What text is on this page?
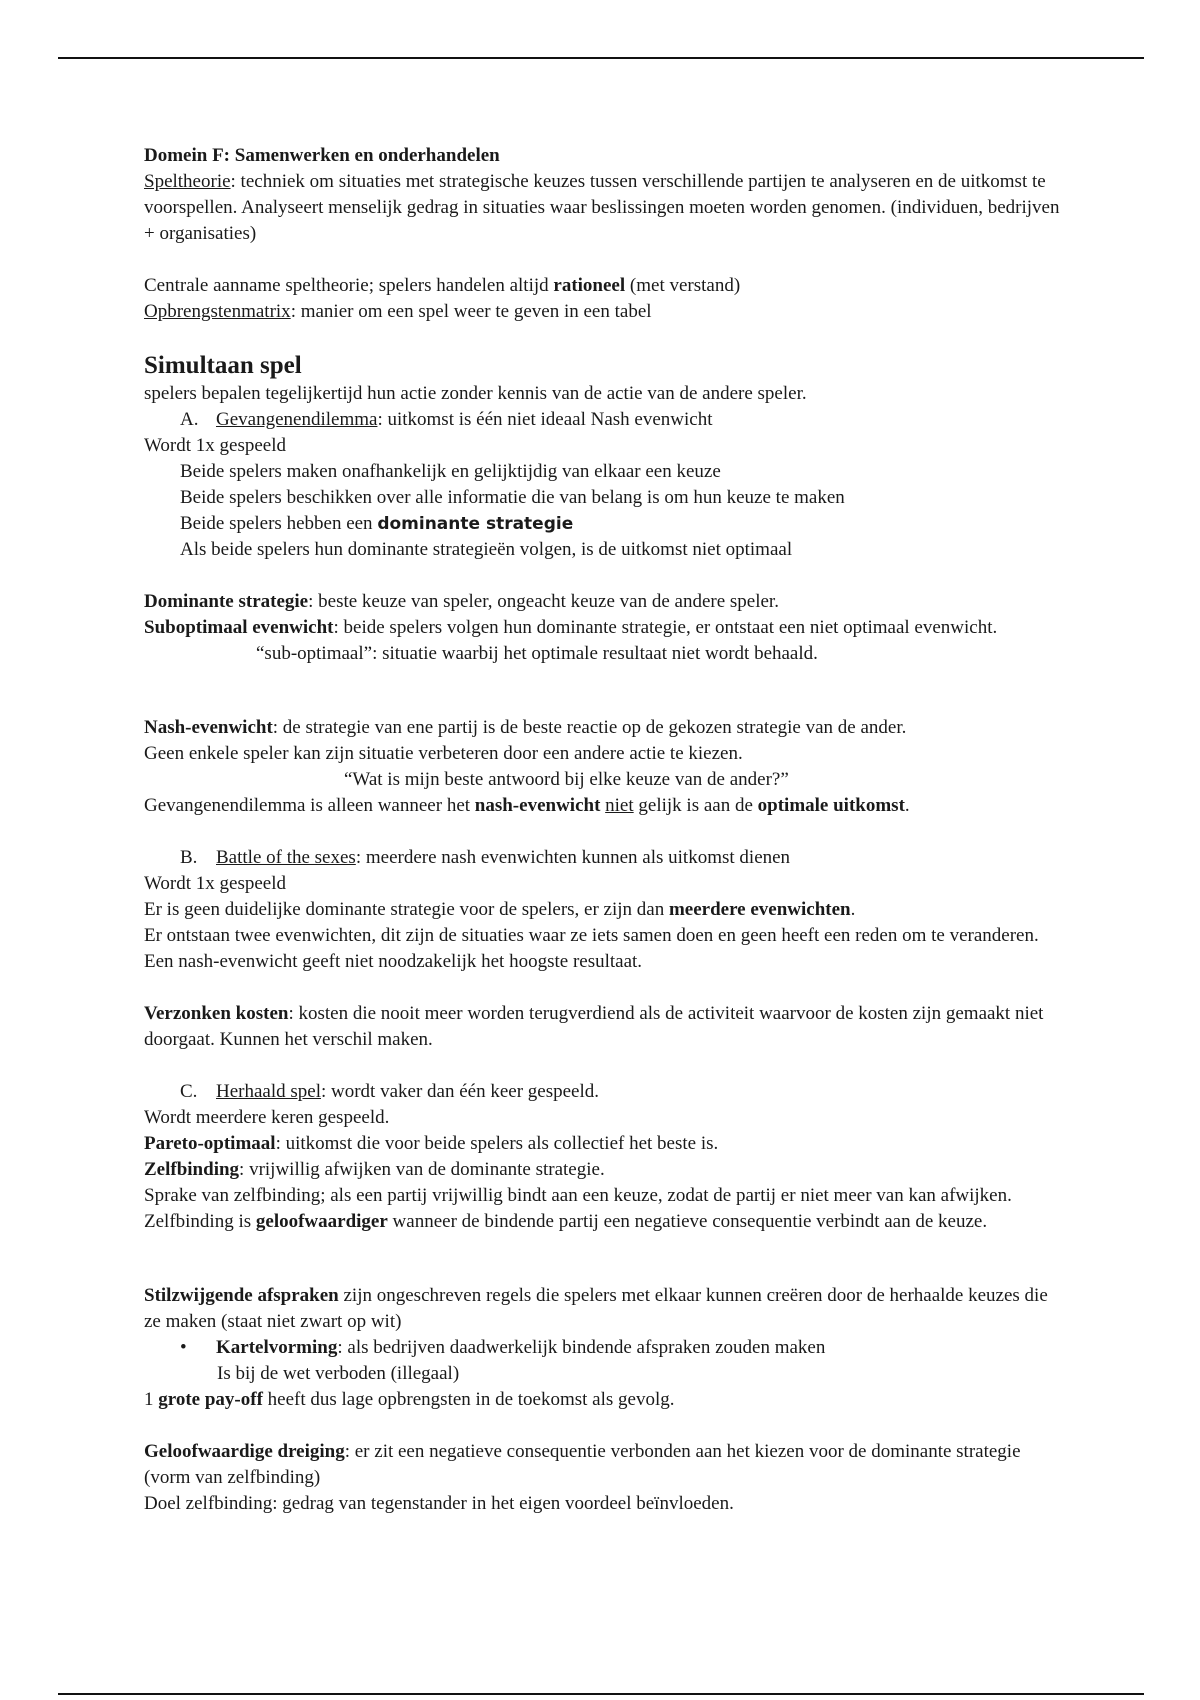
Domein F: Samenwerken en onderhandelen

Speltheorie: techniek om situaties met strategische keuzes tussen verschillende partijen te analyseren en de uitkomst te voorspellen. Analyseert menselijk gedrag in situaties waar beslissingen moeten worden genomen. (individuen, bedrijven + organisaties)

Centrale aanname speltheorie; spelers handelen altijd rationeel (met verstand)

Opbrengstenmatrix: manier om een spel weer te geven in een tabel

Simultaan spel

spelers bepalen tegelijkertijd hun actie zonder kennis van de actie van de andere speler.

A. Gevangenendilemma: uitkomst is één niet ideaal Nash evenwicht

Wordt 1x gespeeld

Beide spelers maken onafhankelijk en gelijktijdig van elkaar een keuze

Beide spelers beschikken over alle informatie die van belang is om hun keuze te maken

Beide spelers hebben een dominante strategie

Als beide spelers hun dominante strategieën volgen, is de uitkomst niet optimaal

Dominante strategie: beste keuze van speler, ongeacht keuze van de andere speler.

Suboptimaal evenwicht: beide spelers volgen hun dominante strategie, er ontstaat een niet optimaal evenwicht.“sub-optimaal”: situatie waarbij het optimale resultaat niet wordt behaald.

Nash-evenwicht: de strategie van ene partij is de beste reactie op de gekozen strategie van de ander.

Geen enkele speler kan zijn situatie verbeteren door een andere actie te kiezen.

“Wat is mijn beste antwoord bij elke keuze van de ander?”

Gevangenendilemma is alleen wanneer het nash-evenwicht niet gelijk is aan de optimale uitkomst.

B. Battle of the sexes: meerdere nash evenwichten kunnen als uitkomst dienen

Wordt 1x gespeeld

Er is geen duidelijke dominante strategie voor de spelers, er zijn dan meerdere evenwichten.

Er ontstaan twee evenwichten, dit zijn de situaties waar ze iets samen doen en geen heeft een reden om te veranderen. Een nash-evenwicht geeft niet noodzakelijk het hoogste resultaat.

Verzonken kosten: kosten die nooit meer worden terugverdiend als de activiteit waarvoor de kosten zijn gemaakt niet doorgaat. Kunnen het verschil maken.

C. Herhaald spel: wordt vaker dan één keer gespeeld.

Wordt meerdere keren gespeeld.

Pareto-optimaal: uitkomst die voor beide spelers als collectief het beste is.

Zelfbinding: vrijwillig afwijken van de dominante strategie.

Sprake van zelfbinding; als een partij vrijwillig bindt aan een keuze, zodat de partij er niet meer van kan afwijken. Zelfbinding is geloofwaardiger wanneer de bindende partij een negatieve consequentie verbindt aan de keuze.

Stilzwijgende afspraken zijn ongeschreven regels die spelers met elkaar kunnen creëren door de herhaalde keuzes die ze maken (staat niet zwart op wit)

• Kartelvorming: als bedrijven daadwerkelijk bindende afspraken zouden maken

Is bij de wet verboden (illegaal)

1 grote pay-off heeft dus lage opbrengsten in de toekomst als gevolg.

Geloofwaardige dreiging: er zit een negatieve consequentie verbonden aan het kiezen voor de dominante strategie (vorm van zelfbinding)

Doel zelfbinding: gedrag van tegenstander in het eigen voordeel beïnvloeden.
